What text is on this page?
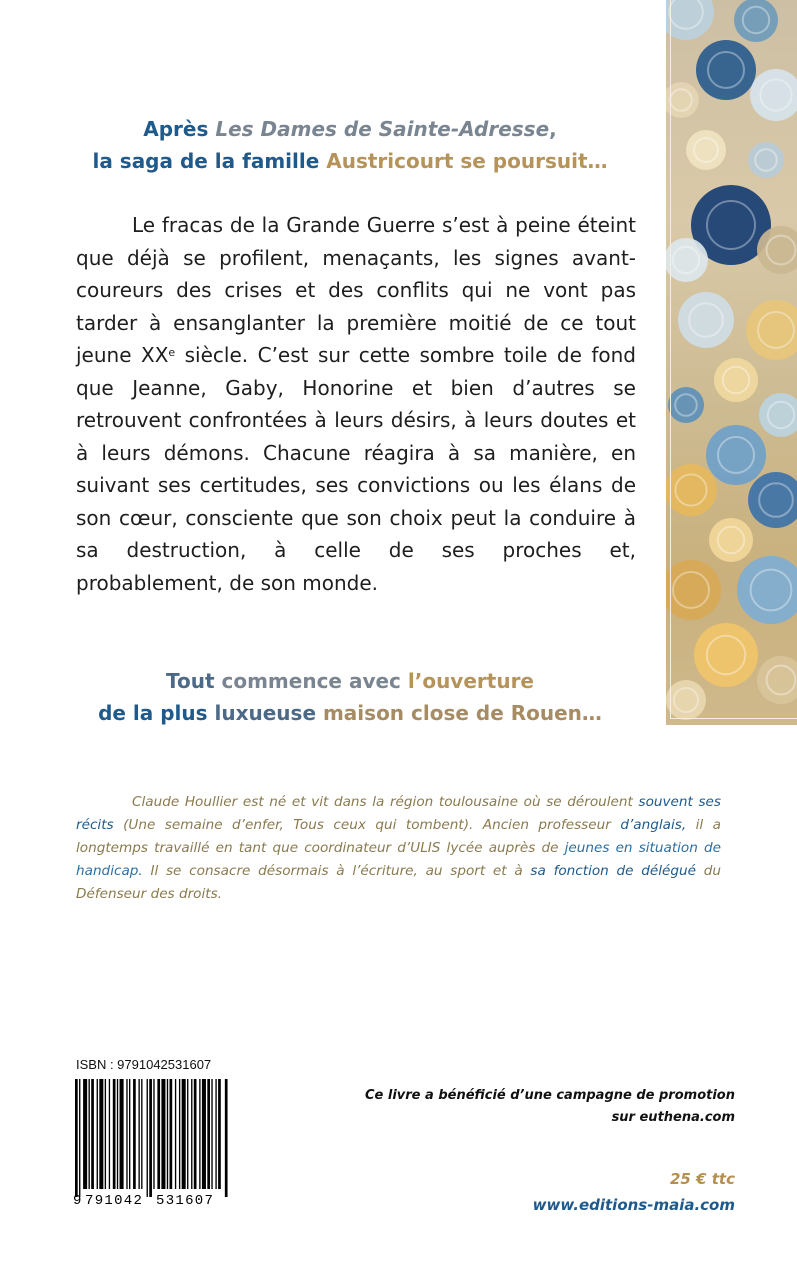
Après Les Dames de Sainte-Adresse,
la saga de la famille Austricourt se poursuit…

Le fracas de la Grande Guerre s’est à peine éteint que déjà se profilent, menaçants, les signes avant-coureurs des crises et des conflits qui ne vont pas tarder à ensanglanter la première moitié de ce tout jeune XXe siècle. C’est sur cette sombre toile de fond que Jeanne, Gaby, Honorine et bien d’autres se retrouvent confrontées à leurs désirs, à leurs doutes et à leurs démons. Chacune réagira à sa manière, en suivant ses certitudes, ses convictions ou les élans de son cœur, consciente que son choix peut la conduire à sa destruction, à celle de ses proches et, probablement, de son monde.

Tout commence avec l’ouverture
de la plus luxueuse maison close de Rouen…

Claude Houllier est né et vit dans la région toulousaine où se déroulent souvent ses récits (Une semaine d’enfer, Tous ceux qui tombent). Ancien professeur d’anglais, il a longtemps travaillé en tant que coordinateur d’ULIS lycée auprès de jeunes en situation de handicap. Il se consacre désormais à l’écriture, au sport et à sa fonction de délégué du Défenseur des droits.

ISBN : 9791042531607
9 791042 531607
Ce livre a bénéficié d’une campagne de promotion
sur euthena.com
25 € ttc
www.editions-maia.com
